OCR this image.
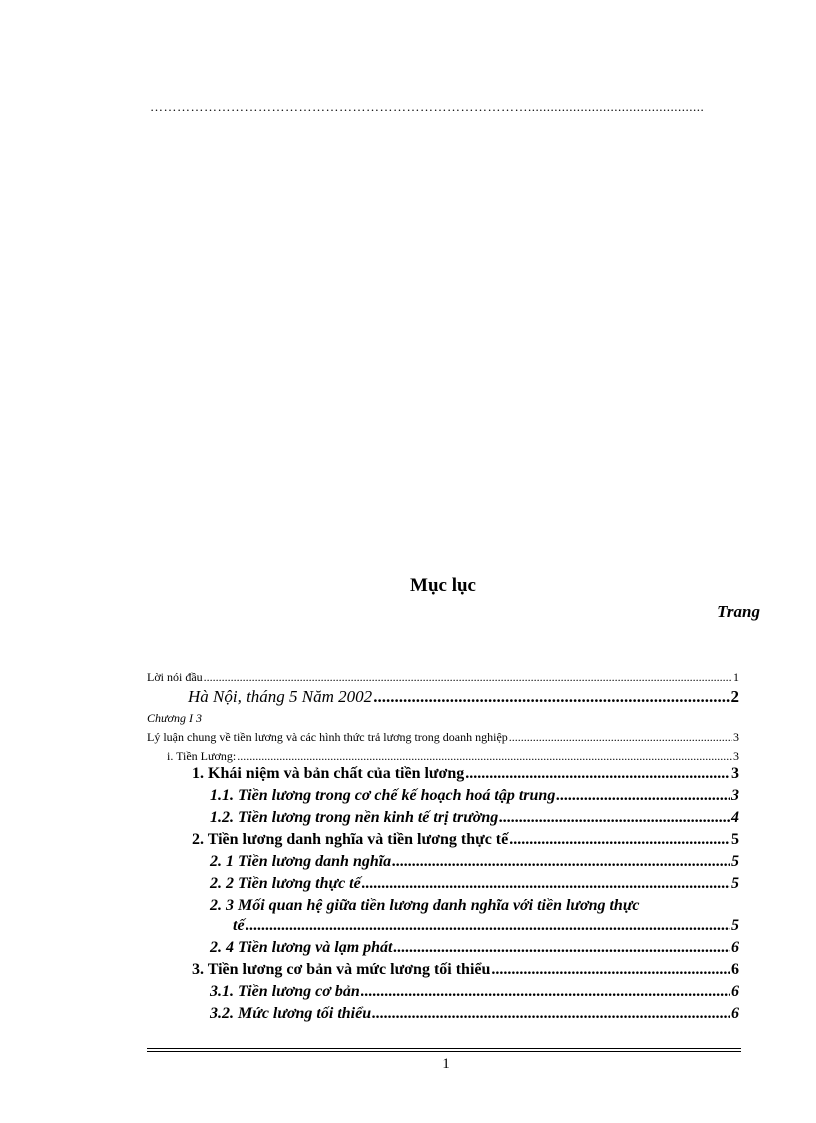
…………………………………………………………………………...............................................
Mục lục
Trang
Lời nói đầu .....	1
Hà Nội, tháng 5 Năm 2002 .....	2
Chương I 3
Lý luận chung về tiền lương và các hình thức trả lương trong doanh nghiệp .....	3
i. Tiền Lương: .....	3
1. Khái niệm và bản chất của tiền lương .....	3
1.1. Tiền lương trong cơ chế kế hoạch hoá tập trung .....	3
1.2. Tiền lương trong nền kinh tế trị trường .....	4
2. Tiền lương danh nghĩa và tiền lương thực tế .....	5
2. 1 Tiền lương danh nghĩa .....	5
2. 2 Tiền lương thực tế .....	5
2. 3 Mối quan hệ giữa tiền lương danh nghĩa với tiền lương thực
tế .....	5
2. 4 Tiền lương và lạm phát .....	6
3. Tiền lương cơ bản và mức lương tối thiểu .....	6
3.1. Tiền lương cơ bản .....	6
3.2. Mức lương tối thiểu .....	6
1
